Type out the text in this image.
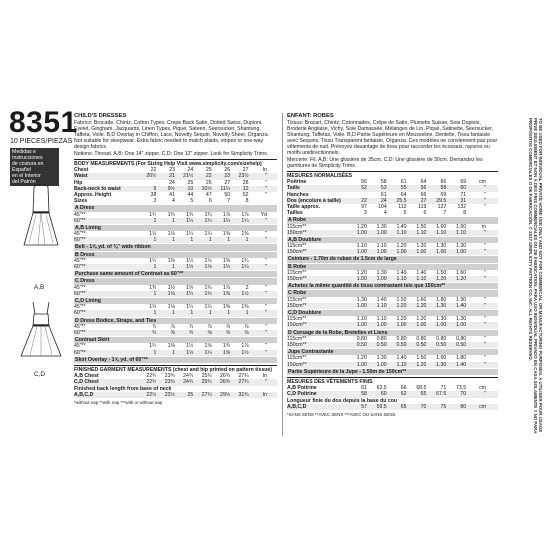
8351
10 PIECES/PIEZAS
Medidas e Instrucciones
de costura en Español
en el Interior
del Patrón
A,B
C,D
CHILD'S DRESSES
Fabrics: Brocade, Chintz, Cotton Types, Crepe Back Satin, Dotted Swiss, Dupioni, Eyelet, Gingham, Jacquards, Linen Types, Piqué, Sateen, Seersucker, Shantung, Taffeta, Voile. B,D Overlay in Chiffon, Lace, Novelty Sequin, Novelty Sheer, Organza. Not suitable for sleepwear. Extra fabric needed to match plaids, stripes or one-way design fabrics.
Notions: Thread. A,B: One 14" zipper. C,D: One 12" zipper. Look for Simplicity Trims.
BODY MEASUREMENTS (For Sizing Help Visit www.simplicity.com/sizehelp)
Chest	22	23	24	25	26	27	In
Waist	20½	21	21½	22	23	23½	"
Hip	24	25	26	27	28	"
Back-neck to waist	9	9½	10	10½	11¼	12	"
Approx. Height	38	41	44	47	50	52	"
Sizes	3	4	5	6	7	8
A Dress
45"**	1¾	1¾	1¾	1¾	1⅞	1⅞	Yd
60"**	1	1	1¼	1¼	1¼	1¼	"
A,B Lining
45"**	1⅛	1⅛	1¼	1¼	1⅜	1⅜	"
60"**	1	1	1	1	1	1	"
Belt - 1⅝ yd. of ⅜" wide ribbon
B Dress
45"**	1¼	1⅜	1½	1½	1⅝	1¾	"
60"**	1	1	1⅛	1⅛	1¼	1¼	"
Purchase same amount of Contrast as 60"**
C Dress
45"**	1⅜	1½	1⅝	1¾	1⅞	2	"
60"**	1	1⅛	1¼	1¼	1⅜	1½	"
C,D Lining
45"**	1⅛	1⅛	1¼	1¼	1⅜	1⅜	"
60"**	1	1	1	1	1	1	"
D Dress Bodice, Straps, and Ties
45"**	⅞	⅞	⅞	⅞	⅞	⅞	"
60"**	⅝	⅝	⅝	⅝	⅝	⅝	"
Contrast Skirt
45"**	1¼	1⅜	1½	1⅝	1¾	1⅞	"
60"**	1	1	1⅛	1¼	1⅜	1½	"
Skirt Overlay - 1⅝ yd. of 60"**
FINISHED GARMENT MEASUREMENTS (chest and hip printed on pattern tissue)
A,B Chest	22¾	23¾	24¾	25¾	26¾	27¾	In
C,D Chest	22¾	23¾	24¾	25¾	26¾	27¾	"
Finished back length from base of neck
A,B,C,D	22½	23½	25	27¼	29½	31¾	In
*without nap **with nap ***with or without nap
ENFANT: ROBES
Tissus: Brocart, Chintz, Cotonnades, Crêpe de Satin, Plumetis Suisse, Soie Dupioni, Broderie Anglaise, Vichy, Soie Damassée, Mélanges de Lin, Piqué, Satinette, Seersucker, Shantung, Taffetas, Voile. B,D Partie Supérieure en Mousseline, Dentelle, Tissu fantaisie avec Sequins, Tissu Transparent fantaisie, Organza. Ces modèles ne conviennent pas pour vêtements de nuit. Prévoyez davantage de tissu pour raccorder les écossais, rayures ou motifs unidirectionnels.
Mercerie: Fil. A,B: Une glissière de 35cm. C,D: Une glissière de 30cm. Demandez les garnitures de Simplicity Trims.
MESURES NORMALISÉES
Poitrine	56	58	61	64	66	69	cm
Taille	52	53	55	56	58	60	"
Hanches	61	64	66	69	71	"
Dos (encolure à taille)	22	24	25.5	27	29.5	31	"
Taille approx.	97	104	112	119	127	132	"
Tailles	3	4	5	6	7	8
A Robe
115cm**	1.20	1.30	1.40	1.50	1.60	1.60	m
150cm**	1.00	1.00	1.10	1.10	1.10	1.10	"
A,B Doublure
115cm**	1.10	1.10	1.20	1.20	1.30	1.30	"
150cm**	1.00	1.00	1.00	1.00	1.00	1.00	"
Ceinture - 1.70m de ruban de 1.5cm de large
B Robe
115cm**	1.20	1.30	1.40	1.40	1.50	1.60	"
150cm**	1.00	1.00	1.10	1.10	1.20	1.20	"
Achetez la même quantité de tissu contrastant tels que 150cm**
C Robe
115cm**	1.30	1.40	1.50	1.60	1.80	1.90	"
150cm**	1.00	1.10	1.20	1.20	1.30	1.40	"
C,D Doublure
115cm**	1.10	1.10	1.20	1.20	1.30	1.30	"
150cm**	1.00	1.00	1.00	1.00	1.00	1.00	"
D Corsage de la Robe, Bretelles et Liens
115cm**	0.80	0.80	0.80	0.80	0.80	0.80	"
150cm**	0.50	0.50	0.50	0.50	0.50	0.50	"
Jupe Contrastante
115cm**	1.20	1.30	1.40	1.50	1.60	1.80	"
150cm**	1.00	1.00	1.10	1.20	1.30	1.40	"
Partie Supérieure de la Jupe - 1.50m de 150cm**
MESURES DES VÊTEMENTS FINIS
A,B Poitrine	61	63.5	66	68.5	71	73.5	cm
C,D Poitrine	58	60	62	65	67.5	70	"
Longueur finie du dos depuis la base du cou
A,B,C,D	57	59.5	65	70	75	80	cm
*SANS SENS **AVEC SENS ***AVEC OU SANS SENS	TO BE USED FOR INDIVIDUAL PRIVATE HOME USE ONLY AND NOT FOR COMMERCIAL OR MANUFACTURING PURPOSES. A UTILISER POUR USAGE PRIVÉ SEULEMENT ET NON À DES FINS COMMERCIALES OU DE FABRICATION. PARA USO INDIVIDUAL PRIVADO EN CASA SOLAMENTE Y NO PARA PROPÓSITOS COMERCIALES O DE FABRICACIÓN. © 2017 SIMPLICITY PATTERN CO. INC. ALL RIGHTS RESERVED.
